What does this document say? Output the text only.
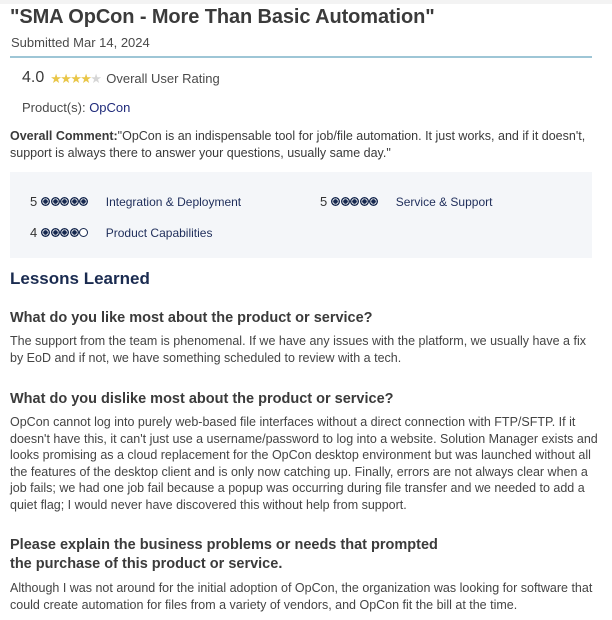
"SMA OpCon - More Than Basic Automation"
Submitted Mar 14, 2024
4.0 ★
★
★
★
★ Overall User Rating
Product(s): OpCon
Overall Comment:"OpCon is an indispensable tool for job/file automation. It just works, and if it doesn't, support is always there to answer your questions, usually same day."
5	Integration & Deployment	5	Service & Support
4	Product Capabilities
Lessons Learned
What do you like most about the product or service?
The support from the team is phenomenal. If we have any issues with the platform, we usually have a fix by EoD and if not, we have something scheduled to review with a tech.
What do you dislike most about the product or service?
OpCon cannot log into purely web-based file interfaces without a direct connection with FTP/SFTP. If it doesn't have this, it can't just use a username/password to log into a website. Solution Manager exists and looks promising as a cloud replacement for the OpCon desktop environment but was launched without all the features of the desktop client and is only now catching up. Finally, errors are not always clear when a job fails; we had one job fail because a popup was occurring during file transfer and we needed to add a quiet flag; I would never have discovered this without help from support.
Please explain the business problems or needs that prompted the purchase of this product or service.
Although I was not around for the initial adoption of OpCon, the organization was looking for software that could create automation for files from a variety of vendors, and OpCon fit the bill at the time.
